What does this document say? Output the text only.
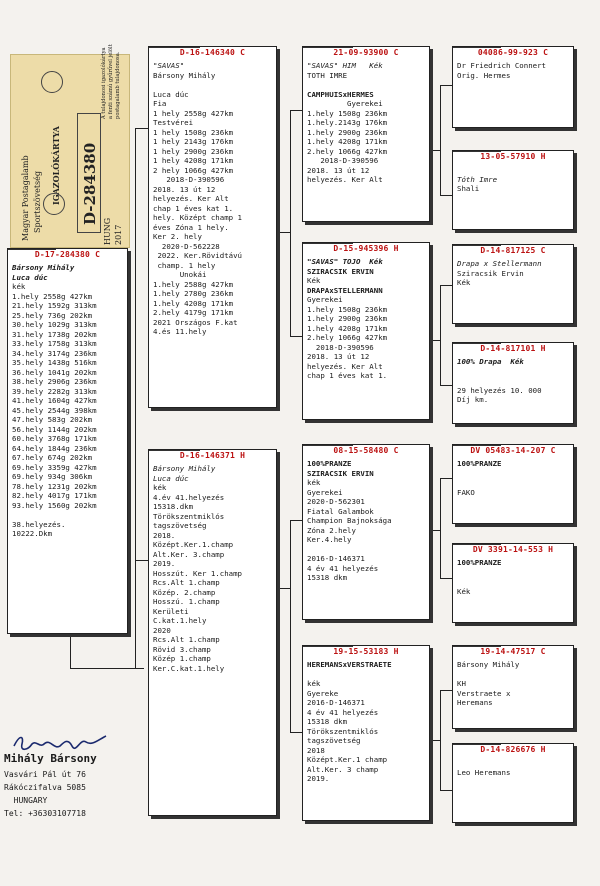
Magyar Postagalamb Sportszövetség IGAZOLÓKÁRTYA D-284380
HUNG 2017
A tulajdonosi igazolókártya a fenti számú gyűrűvel jelölt postagalamb tulajdonosa.
D-17-284380 C
Bársony Mihály
Luca dúc
kék
1.hely 2558g 427km
21.hely 1592g 313km
25.hely 736g 202km
30.hely 1029g 313km
31.hely 1738g 202km
33.hely 1758g 313km
34.hely 3174g 236km
35.hely 1438g 516km
36.hely 1041g 202km
38.hely 2906g 236km
39.hely 2282g 313km
41.hely 1604g 427km
45.hely 2544g 398km
47.hely 583g 202km
56.hely 1144g 202km
60.hely 3768g 171km
64.hely 1844g 236km
67.hely 674g 202km
69.hely 3359g 427km
69.hely 934g 306km
78.hely 1231g 202km
82.hely 4017g 171km
93.hely 1560g 202km
38.helyezés.
10222.Dkm
D-16-146340 C
"SAVAS"
Bársony Mihály
Luca dúc
Fia
1 hely 2558g 427km
Testvérei
1 hely 1508g 236km
1 hely 2143g 176km
1 hely 2900g 236km
1 hely 4208g 171km
2 hely 1066g 427km
2018-D-390596
2018. 13 út 12
helyezés. Ker Alt
chap 1 éves kat 1.
hely. Középt champ 1
éves Zóna 1 hely.
Ker 2. hely
2020-D-562228
2022. Ker.Rövidtávú
champ. 1 hely
Unokái
1.hely 2588g 427km
1.hely 2780g 236km
1.hely 4208g 171km
2.hely 4179g 171km
2021 Országos F.kat
4.és 11.hely
D-16-146371 H
Bársony Mihály
Luca dúc
kék
4.év 41.helyezés
15318.dkm
Törökszentmiklós
tagszövetség
2018.
Középt.Ker.1.champ
Alt.Ker. 3.champ
2019.
Hosszút. Ker 1.champ
Rcs.Alt 1.champ
Közép. 2.champ
Hosszú. 1.champ
Kerületi
C.kat.1.hely
2020
Rcs.Alt 1.champ
Rövid 3.champ
Közép 1.champ
Ker.C.kat.1.hely
21-09-93900 C
"SAVAS" HIM   Kék
TOTH IMRE
CAMPHUISxHERMES
Gyerekei
1.hely 1508g 236km
1.hely.2143g 176km
1.hely 2900g 236km
1.hely 4208g 171km
2.hely 1066g 427km
2018-D-390596
2018. 13 út 12
helyezés. Ker Alt
D-15-945396 H
"SAVAS" TOJO  Kék
SZIRACSIK ERVIN
Kék
DRAPAxSTELLERMANN
Gyerekei
1.hely 1508g 236km
1.hely 2900g 236km
1.hely 4208g 171km
2.hely 1066g 427km
2018-D-390596
2018. 13 út 12
helyezés. Ker Alt
chap 1 éves kat 1.
08-15-58480 C
100%PRANZE
SZIRACSIK ERVIN
kék
Gyerekei
2020-D-562301
Fiatal Galambok
Champion Bajnoksága
Zóna 2.hely
Ker.4.hely
2016-D-146371
4 év 41 helyezés
15318 dkm
19-15-53183 H
HEREMANSxVERSTRAETE
kék
Gyereke
2016-D-146371
4 év 41 helyezés
15318 dkm
Törökszentmiklós
tagszövetség
2018
Középt.Ker.1 champ
Alt.Ker. 3 champ
2019.
04086-99-923 C
Dr Friedrich Connert
Orig. Hermes
13-05-57910 H
Tóth Imre
Shali
D-14-817125 C
Drapa x Stellermann
Sziracsik Ervin
Kék
D-14-817101 H
100% Drapa  Kék
29 helyezés 10. 000
Díj km.
DV 05483-14-207 C
100%PRANZE
FAKO
DV 3391-14-553 H
100%PRANZE
Kék
19-14-47517 C
Bársony Mihály
KH
Verstraete x
Heremans
D-14-826676 H
Leo Heremans
Mihály Bársony
Vasvári Pál út 76
Rákóczifalva 5085
HUNGARY
Tel: +36303107718
